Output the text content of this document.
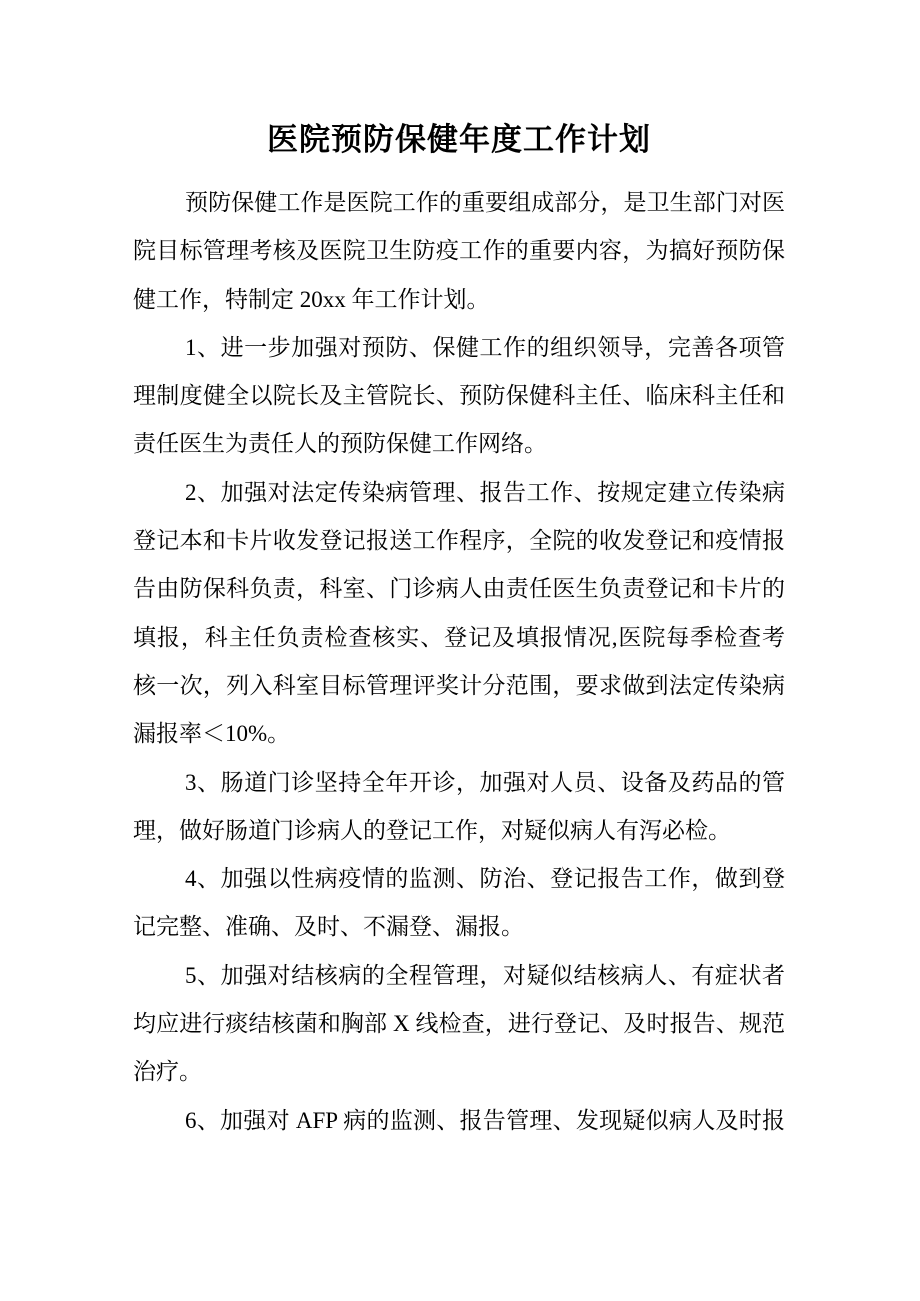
医院预防保健年度工作计划
预防保健工作是医院工作的重要组成部分，是卫生部门对医
院目标管理考核及医院卫生防疫工作的重要内容，为搞好预防保
健工作，特制定 20xx 年工作计划。
1、进一步加强对预防、保健工作的组织领导，完善各项管
理制度健全以院长及主管院长、预防保健科主任、临床科主任和
责任医生为责任人的预防保健工作网络。
2、加强对法定传染病管理、报告工作、按规定建立传染病
登记本和卡片收发登记报送工作程序，全院的收发登记和疫情报
告由防保科负责，科室、门诊病人由责任医生负责登记和卡片的
填报，科主任负责检查核实、登记及填报情况,医院每季检查考
核一次，列入科室目标管理评奖计分范围，要求做到法定传染病
漏报率＜10%。
3、肠道门诊坚持全年开诊，加强对人员、设备及药品的管
理，做好肠道门诊病人的登记工作，对疑似病人有泻必检。
4、加强以性病疫情的监测、防治、登记报告工作，做到登
记完整、准确、及时、不漏登、漏报。
5、加强对结核病的全程管理，对疑似结核病人、有症状者
均应进行痰结核菌和胸部 X 线检查，进行登记、及时报告、规范
治疗。
6、加强对 AFP 病的监测、报告管理、发现疑似病人及时报
